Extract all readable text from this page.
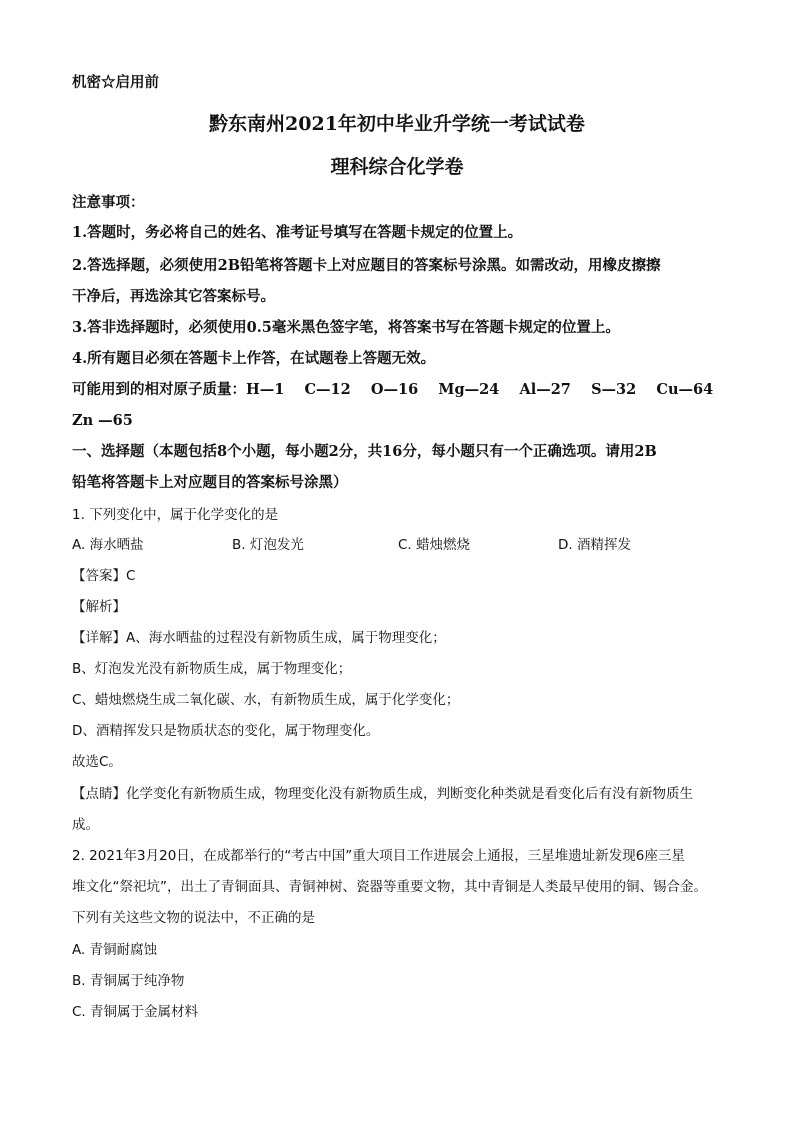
机密☆启用前
黔东南州2021年初中毕业升学统一考试试卷
理科综合化学卷
注意事项：
1.答题时，务必将自己的姓名、准考证号填写在答题卡规定的位置上。
2.答选择题，必须使用2B铅笔将答题卡上对应题目的答案标号涂黑。如需改动，用橡皮擦擦
干净后，再选涂其它答案标号。
3.答非选择题时，必须使用0.5毫米黑色签字笔，将答案书写在答题卡规定的位置上。
4.所有题目必须在答题卡上作答，在试题卷上答题无效。
可能用到的相对原子质量：H—1    C—12    O—16    Mg—24    Al—27    S—32    Cu—64
Zn —65
一、选择题（本题包括8个小题，每小题2分，共16分，每小题只有一个正确选项。请用2B
铅笔将答题卡上对应题目的答案标号涂黑）
1. 下列变化中，属于化学变化的是
A. 海水晒盐	B. 灯泡发光	C. 蜡烛燃烧	D. 酒精挥发
【答案】C
【解析】
【详解】A、海水晒盐的过程没有新物质生成，属于物理变化；
B、灯泡发光没有新物质生成，属于物理变化；
C、蜡烛燃烧生成二氧化碳、水，有新物质生成，属于化学变化；
D、酒精挥发只是物质状态的变化，属于物理变化。
故选C。
【点睛】化学变化有新物质生成，物理变化没有新物质生成，判断变化种类就是看变化后有没有新物质生
成。
2. 2021年3月20日，在成都举行的“考古中国”重大项目工作进展会上通报，三星堆遗址新发现6座三星
堆文化“祭祀坑”，出土了青铜面具、青铜神树、瓷器等重要文物，其中青铜是人类最早使用的铜、锡合金。
下列有关这些文物的说法中，不正确的是
A. 青铜耐腐蚀
B. 青铜属于纯净物
C. 青铜属于金属材料
